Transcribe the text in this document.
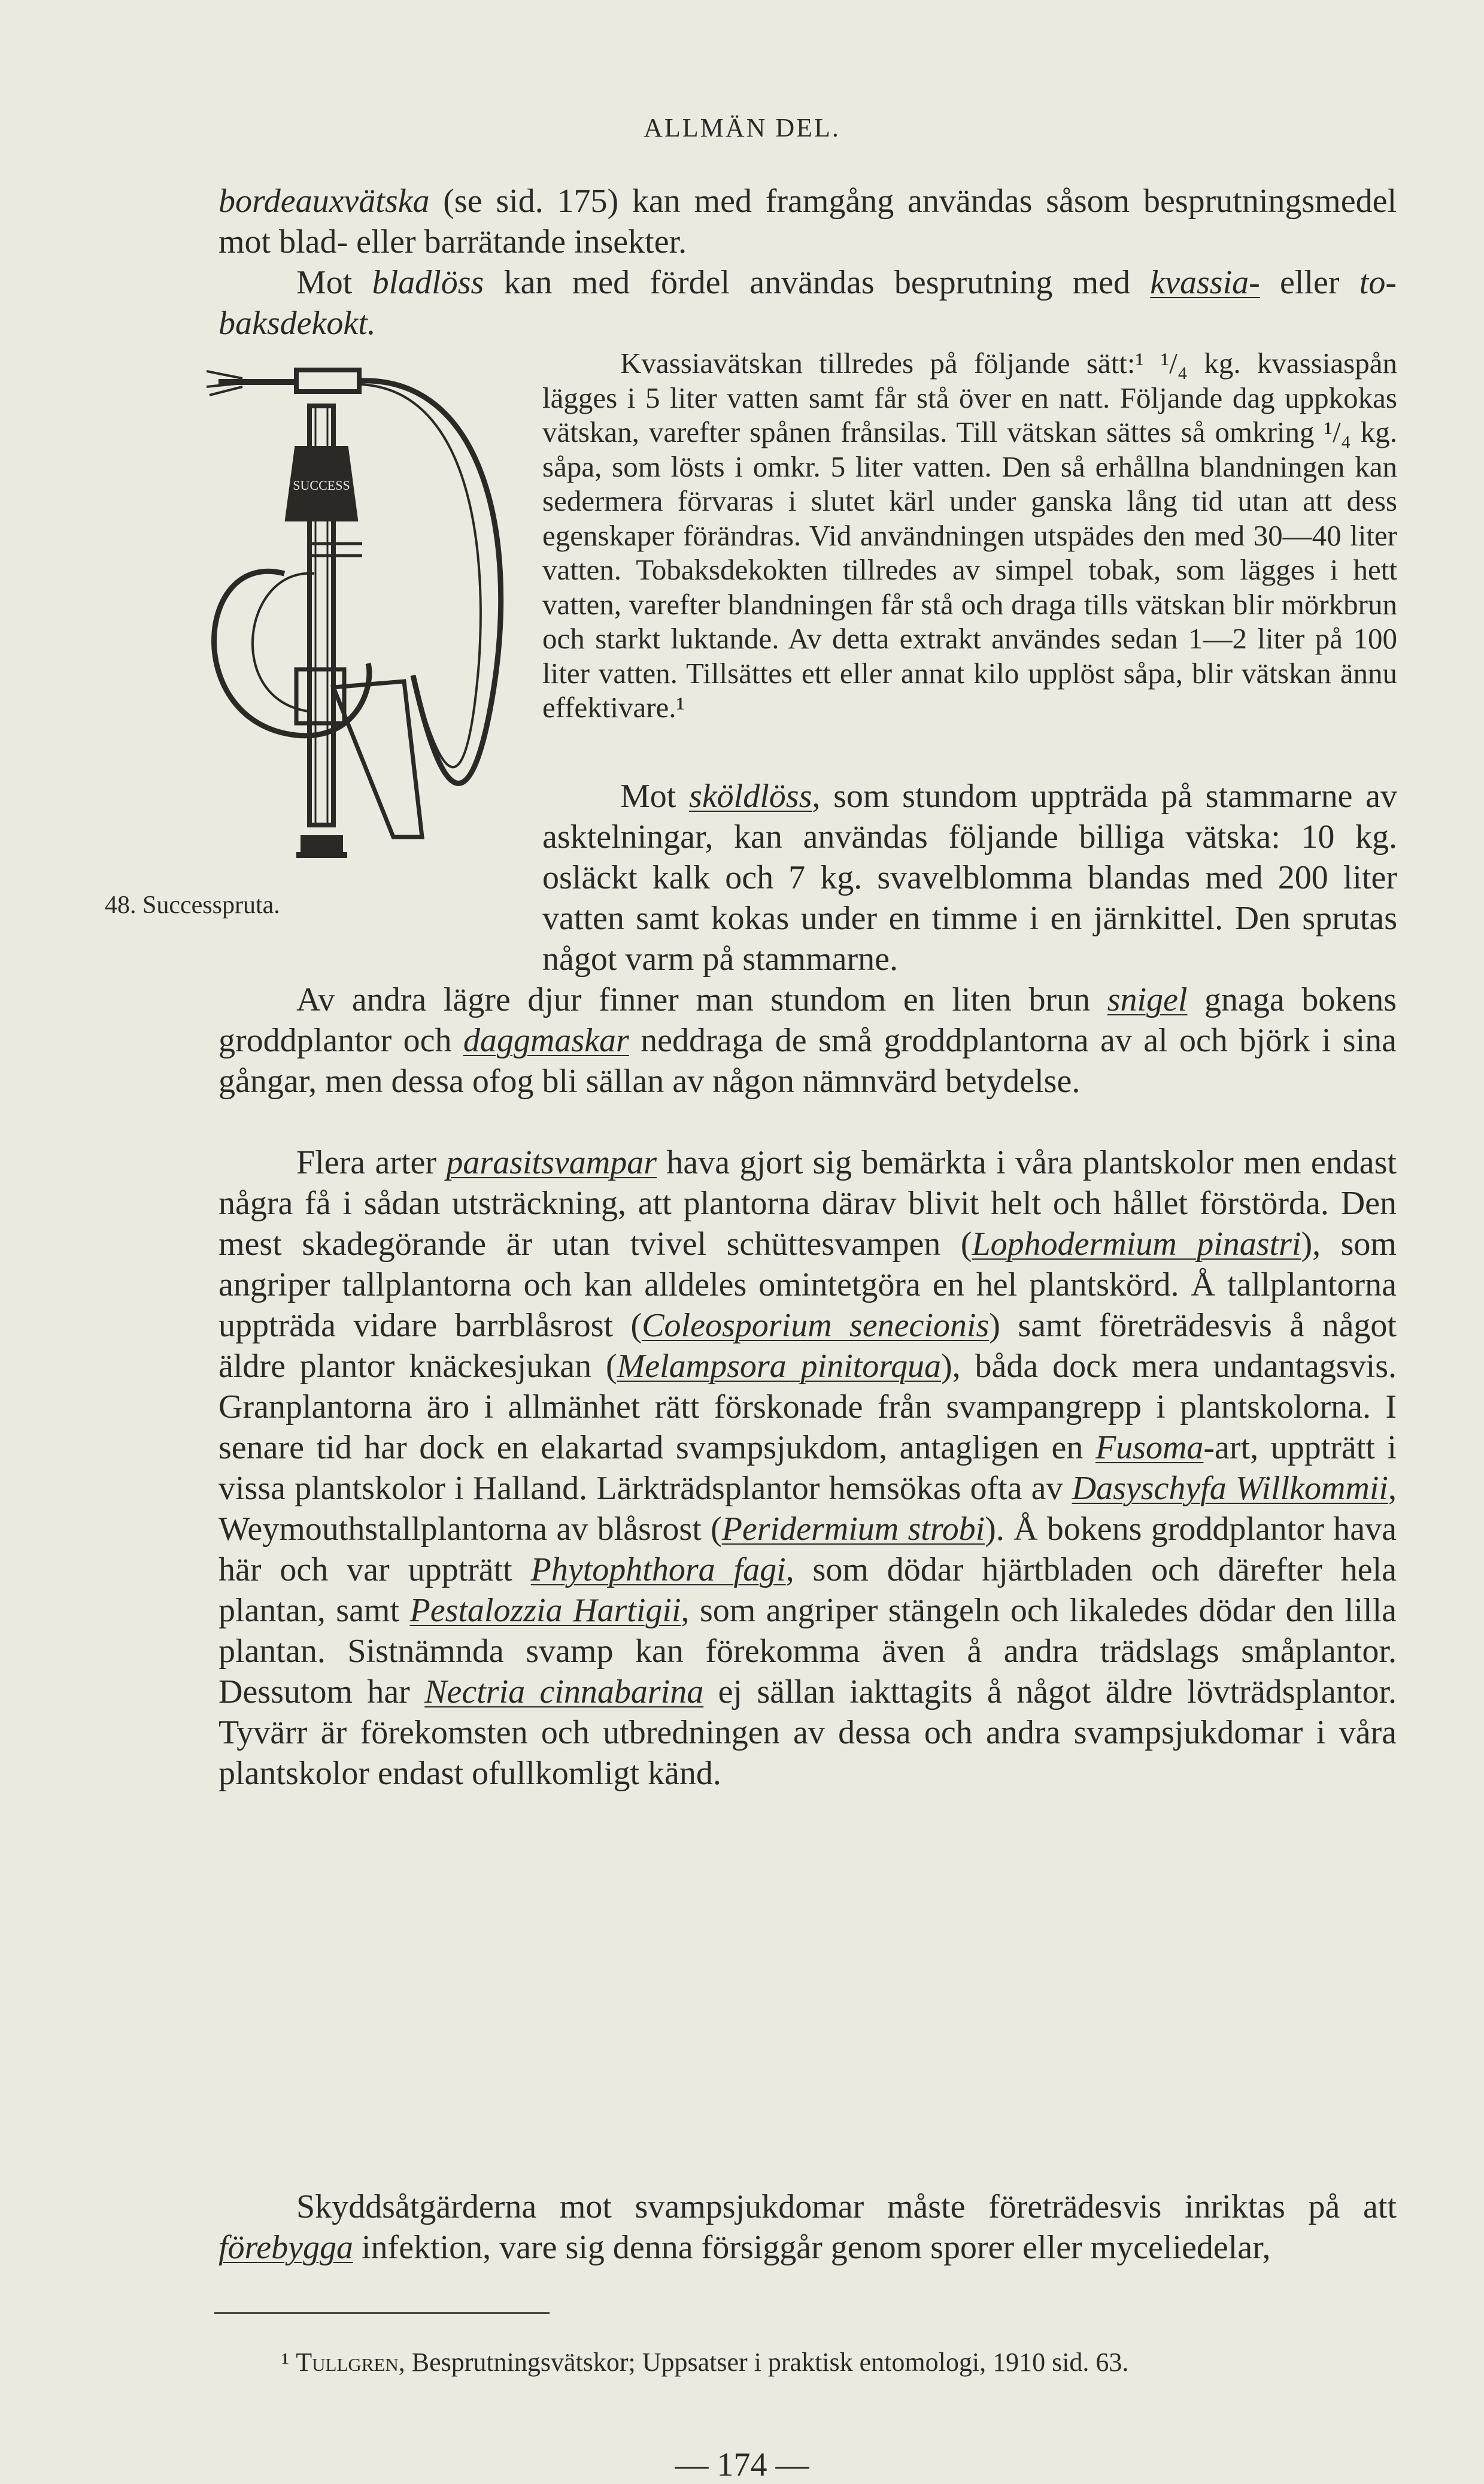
ALLMÄN DEL.

bordeauxvätska (se sid. 175) kan med framgång användas såsom besprutningsmedel mot blad- eller barrätande insekter.

Mot bladlöss kan med fördel användas besprutning med kvassia- eller tobaksdekokt.

SUCCESS
48. Successpruta.

Kvassiavätskan tillredes på följande sätt:¹ ¹/₄ kg. kvassiaspån lägges i 5 liter vatten samt får stå över en natt. Följande dag uppkokas vätskan, varefter spånen frånsilas. Till vätskan sättes så omkring ¹/₄ kg. såpa, som lösts i omkr. 5 liter vatten. Den så erhållna blandningen kan sedermera förvaras i slutet kärl under ganska lång tid utan att dess egenskaper förändras. Vid användningen utspädes den med 30—40 liter vatten. Tobaksdekokten tillredes av simpel tobak, som lägges i hett vatten, varefter blandningen får stå och draga tills vätskan blir mörkbrun och starkt luktande. Av detta extrakt användes sedan 1—2 liter på 100 liter vatten. Tillsättes ett eller annat kilo upplöst såpa, blir vätskan ännu effektivare.¹

Mot sköldlöss, som stundom uppträda på stammarne av asktelningar, kan användas följande billiga vätska: 10 kg. osläckt kalk och 7 kg. svavelblomma blandas med 200 liter vatten samt kokas under en timme i en järnkittel. Den sprutas något varm på stammarne.

Av andra lägre djur finner man stundom en liten brun snigel gnaga bokens groddplantor och daggmaskar neddraga de små groddplantorna av al och björk i sina gångar, men dessa ofog bli sällan av någon nämnvärd betydelse.

Flera arter parasitsvampar hava gjort sig bemärkta i våra plantskolor men endast några få i sådan utsträckning, att plantorna därav blivit helt och hållet förstörda. Den mest skadegörande är utan tvivel schüttesvampen (Lophodermium pinastri), som angriper tallplantorna och kan alldeles omintetgöra en hel plantskörd. Å tallplantorna uppträda vidare barrblåsrost (Coleosporium senecionis) samt företrädesvis å något äldre plantor knäckesjukan (Melampsora pinitorqua), båda dock mera undantagsvis. Granplantorna äro i allmänhet rätt förskonade från svampangrepp i plantskolorna. I senare tid har dock en elakartad svampsjukdom, antagligen en Fusoma-art, uppträtt i vissa plantskolor i Halland. Lärkträdsplantor hemsökas ofta av Dasyschyfa Willkommii, Weymouthstallplantorna av blåsrost (Peridermium strobi). Å bokens groddplantor hava här och var uppträtt Phytophthora fagi, som dödar hjärtbladen och därefter hela plantan, samt Pestalozzia Hartigii, som angriper stängeln och likaledes dödar den lilla plantan. Sistnämnda svamp kan förekomma även å andra trädslags småplantor. Dessutom har Nectria cinnabarina ej sällan iakttagits å något äldre lövträdsplantor. Tyvärr är förekomsten och utbredningen av dessa och andra svampsjukdomar i våra plantskolor endast ofullkomligt känd.

Skyddsåtgärderna mot svampsjukdomar måste företrädesvis inriktas på att förebygga infektion, vare sig denna försiggår genom sporer eller myceliedelar,

¹ Tullgren, Besprutningsvätskor; Uppsatser i praktisk entomologi, 1910 sid. 63.
— 174 —
